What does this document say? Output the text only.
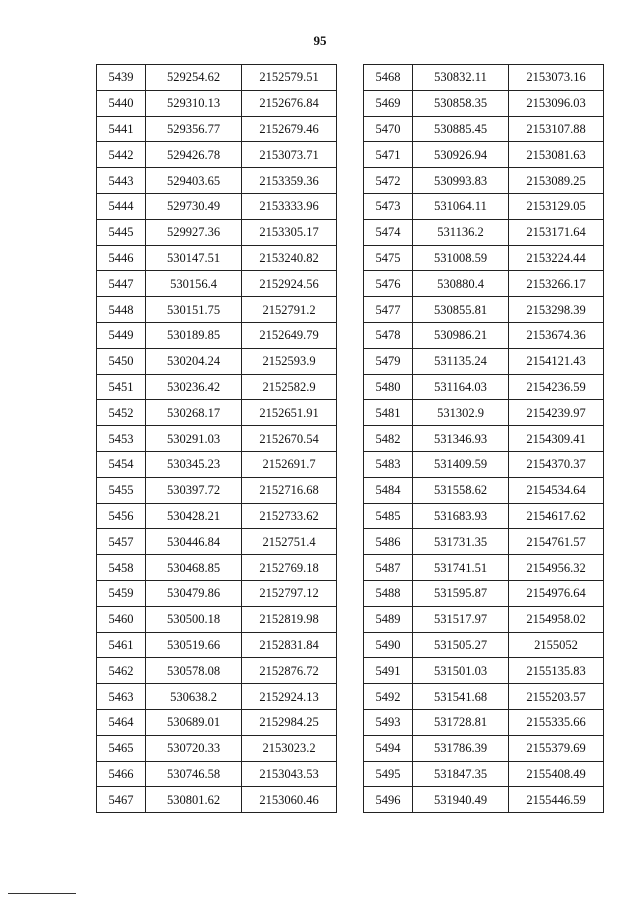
95
5439	529254.62	2152579.51
5440	529310.13	2152676.84
5441	529356.77	2152679.46
5442	529426.78	2153073.71
5443	529403.65	2153359.36
5444	529730.49	2153333.96
5445	529927.36	2153305.17
5446	530147.51	2153240.82
5447	530156.4	2152924.56
5448	530151.75	2152791.2
5449	530189.85	2152649.79
5450	530204.24	2152593.9
5451	530236.42	2152582.9
5452	530268.17	2152651.91
5453	530291.03	2152670.54
5454	530345.23	2152691.7
5455	530397.72	2152716.68
5456	530428.21	2152733.62
5457	530446.84	2152751.4
5458	530468.85	2152769.18
5459	530479.86	2152797.12
5460	530500.18	2152819.98
5461	530519.66	2152831.84
5462	530578.08	2152876.72
5463	530638.2	2152924.13
5464	530689.01	2152984.25
5465	530720.33	2153023.2
5466	530746.58	2153043.53
5467	530801.62	2153060.46
5468	530832.11	2153073.16
5469	530858.35	2153096.03
5470	530885.45	2153107.88
5471	530926.94	2153081.63
5472	530993.83	2153089.25
5473	531064.11	2153129.05
5474	531136.2	2153171.64
5475	531008.59	2153224.44
5476	530880.4	2153266.17
5477	530855.81	2153298.39
5478	530986.21	2153674.36
5479	531135.24	2154121.43
5480	531164.03	2154236.59
5481	531302.9	2154239.97
5482	531346.93	2154309.41
5483	531409.59	2154370.37
5484	531558.62	2154534.64
5485	531683.93	2154617.62
5486	531731.35	2154761.57
5487	531741.51	2154956.32
5488	531595.87	2154976.64
5489	531517.97	2154958.02
5490	531505.27	2155052
5491	531501.03	2155135.83
5492	531541.68	2155203.57
5493	531728.81	2155335.66
5494	531786.39	2155379.69
5495	531847.35	2155408.49
5496	531940.49	2155446.59
